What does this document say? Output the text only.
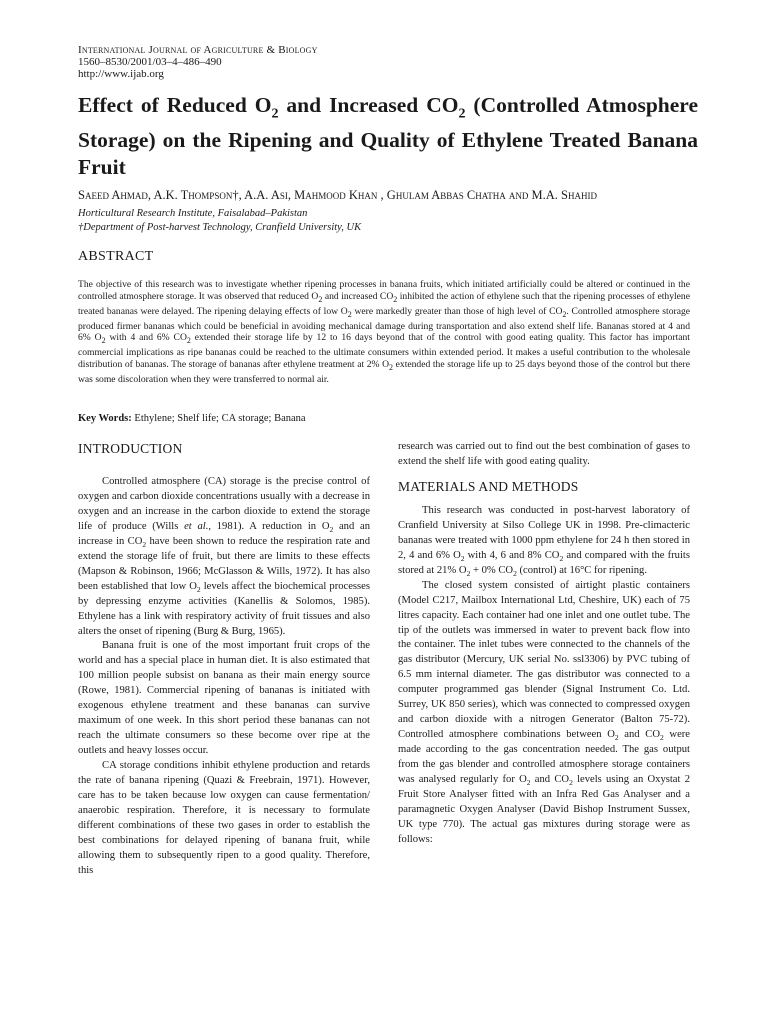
International Journal of Agriculture & Biology
1560–8530/2001/03–4–486–490
http://www.ijab.org
Effect of Reduced $O_2$ and Increased $CO_2$ (Controlled Atmosphere Storage) on the Ripening and Quality of Ethylene Treated Banana Fruit
Saeed Ahmad, A.K. Thompson†, A.A. Asi, Mahmood Khan , Ghulam Abbas Chatha and M.A. Shahid
Horticultural Research Institute, Faisalabad–Pakistan
†Department of Post-harvest Technology, Cranfield University, UK
ABSTRACT

The objective of this research was to investigate whether ripening processes in banana fruits, which initiated artificially could be altered or continued in the controlled atmosphere storage. It was observed that reduced $O_2$ and increased $CO_2$ inhibited the action of ethylene such that the ripening processes of ethylene treated bananas were delayed. The ripening delaying effects of low $O_2$ were markedly greater than those of high level of $CO_2$. Controlled atmosphere storage produced firmer bananas which could be beneficial in avoiding mechanical damage during transportation and also extend shelf life. Bananas stored at 4 and 6% $O_2$ with 4 and 6% $CO_2$ extended their storage life by 12 to 16 days beyond that of the control with good eating quality. This factor has important commercial implications as ripe bananas could be reached to the ultimate consumers within extended period. It makes a useful contribution to the wholesale distribution of bananas. The storage of bananas after ethylene treatment at 2% $O_2$ extended the storage life up to 25 days beyond those of the control but there was some discoloration when they were transferred to normal air.

Key Words: Ethylene; Shelf life; CA storage; Banana

INTRODUCTION

Controlled atmosphere (CA) storage is the precise control of oxygen and carbon dioxide concentrations usually with a decrease in oxygen and an increase in the carbon dioxide to extend the storage life of produce (Wills et al., 1981). A reduction in $O_2$ and an increase in $CO_2$ have been shown to reduce the respiration rate and extend the storage life of fruit, but there are limits to these effects (Mapson & Robinson, 1966; McGlasson & Wills, 1972). It has also been established that low $O_2$ levels affect the biochemical processes by depressing enzyme activities (Kanellis & Solomos, 1985). Ethylene has a link with respiratory activity of fruit tissues and also alters the onset of ripening (Burg & Burg, 1965).

Banana fruit is one of the most important fruit crops of the world and has a special place in human diet. It is also estimated that 100 million people subsist on banana as their main energy source (Rowe, 1981). Commercial ripening of bananas is initiated with exogenous ethylene treatment and these bananas can survive maximum of one week. In this short period these bananas can not reach the ultimate consumers so these become over ripe at the outlets and heavy losses occur.

CA storage conditions inhibit ethylene production and retards the rate of banana ripening (Quazi & Freebrain, 1971). However, care has to be taken because low oxygen can cause fermentation/ anaerobic respiration. Therefore, it is necessary to formulate different combinations of these two gases in order to establish the best combinations for delayed ripening of banana fruit, while allowing them to subsequently ripen to a good quality. Therefore, this

research was carried out to find out the best combination of gases to extend the shelf life with good eating quality.

MATERIALS AND METHODS

This research was conducted in post-harvest laboratory of Cranfield University at Silso College UK in 1998. Pre-climacteric bananas were treated with 1000 ppm ethylene for 24 h then stored in 2, 4 and 6% $O_2$ with 4, 6 and 8% $CO_2$ and compared with the fruits stored at 21% $O_2 + 0\%$ $CO_2$ (control) at 16°C for ripening.

The closed system consisted of airtight plastic containers (Model C217, Mailbox International Ltd, Cheshire, UK) each of 75 litres capacity. Each container had one inlet and one outlet tube. The tip of the outlets was immersed in water to prevent back flow into the container. The inlet tubes were connected to the channels of the gas distributor (Mercury, UK serial No. ssl3306) by PVC tubing of 6.5 mm internal diameter. The gas distributor was connected to a computer programmed gas blender (Signal Instrument Co. Ltd. Surrey, UK 850 series), which was connected to compressed oxygen and carbon dioxide with a nitrogen Generator (Balton 75-72). Controlled atmosphere combinations between $O_2$ and $CO_2$ were made according to the gas concentration needed. The gas output from the gas blender and controlled atmosphere storage containers was analysed regularly for $O_2$ and $CO_2$ levels using an Oxystat 2 Fruit Store Analyser fitted with an Infra Red Gas Analyser and a paramagnetic Oxygen Analyser (David Bishop Instrument Sussex, UK type 770). The actual gas mixtures during storage were as follows:
